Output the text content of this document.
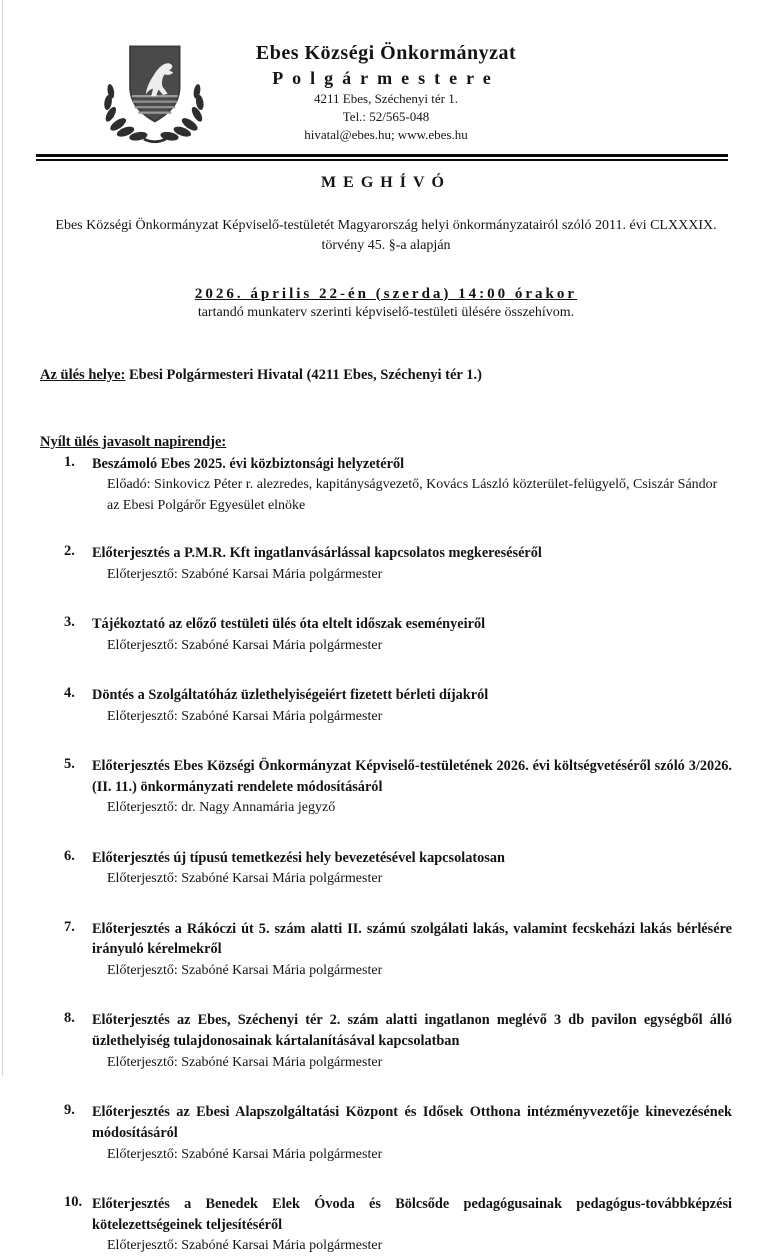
Ebes Községi Önkormányzat
Polgármestere
4211 Ebes, Széchenyi tér 1.
Tel.: 52/565-048
hivatal@ebes.hu; www.ebes.hu
MEGHÍVÓ

Ebes Községi Önkormányzat Képviselő-testületét Magyarország helyi önkormányzatairól szóló 2011. évi CLXXXIX. törvény 45. §-a alapján

2026. április 22-én (szerda) 14:00 órakor
tartandó munkaterv szerinti képviselő-testületi ülésére összehívom.

Az ülés helye: Ebesi Polgármesteri Hivatal (4211 Ebes, Széchenyi tér 1.)

Nyílt ülés javasolt napirendje:
1.	Beszámoló Ebes 2025. évi közbiztonsági helyzetéről
Előadó: Sinkovicz Péter r. alezredes, kapitányságvezető, Kovács László közterület-felügyelő, Csiszár Sándor az Ebesi Polgárőr Egyesület elnöke
2.	Előterjesztés a P.M.R. Kft ingatlanvásárlással kapcsolatos megkereséséről
Előterjesztő: Szabóné Karsai Mária polgármester
3.	Tájékoztató az előző testületi ülés óta eltelt időszak eseményeiről
Előterjesztő: Szabóné Karsai Mária polgármester
4.	Döntés a Szolgáltatóház üzlethelyiségeiért fizetett bérleti díjakról
Előterjesztő: Szabóné Karsai Mária polgármester
5.	Előterjesztés Ebes Községi Önkormányzat Képviselő-testületének 2026. évi költségvetéséről szóló 3/2026. (II. 11.) önkormányzati rendelete módosításáról
Előterjesztő: dr. Nagy Annamária jegyző
6.	Előterjesztés új típusú temetkezési hely bevezetésével kapcsolatosan
Előterjesztő: Szabóné Karsai Mária polgármester
7.	Előterjesztés a Rákóczi út 5. szám alatti II. számú szolgálati lakás, valamint fecskeházi lakás bérlésére irányuló kérelmekről
Előterjesztő: Szabóné Karsai Mária polgármester
8.	Előterjesztés az Ebes, Széchenyi tér 2. szám alatti ingatlanon meglévő 3 db pavilon egységből álló üzlethelyiség tulajdonosainak kártalanításával kapcsolatban
Előterjesztő: Szabóné Karsai Mária polgármester
9.	Előterjesztés az Ebesi Alapszolgáltatási Központ és Idősek Otthona intézményvezetője kinevezésének módosításáról
Előterjesztő: Szabóné Karsai Mária polgármester
10. Előterjesztés a Benedek Elek Óvoda és Bölcsőde pedagógusainak pedagógus-továbbképzési kötelezettségeinek teljesítéséről
Előterjesztő: Szabóné Karsai Mária polgármester
